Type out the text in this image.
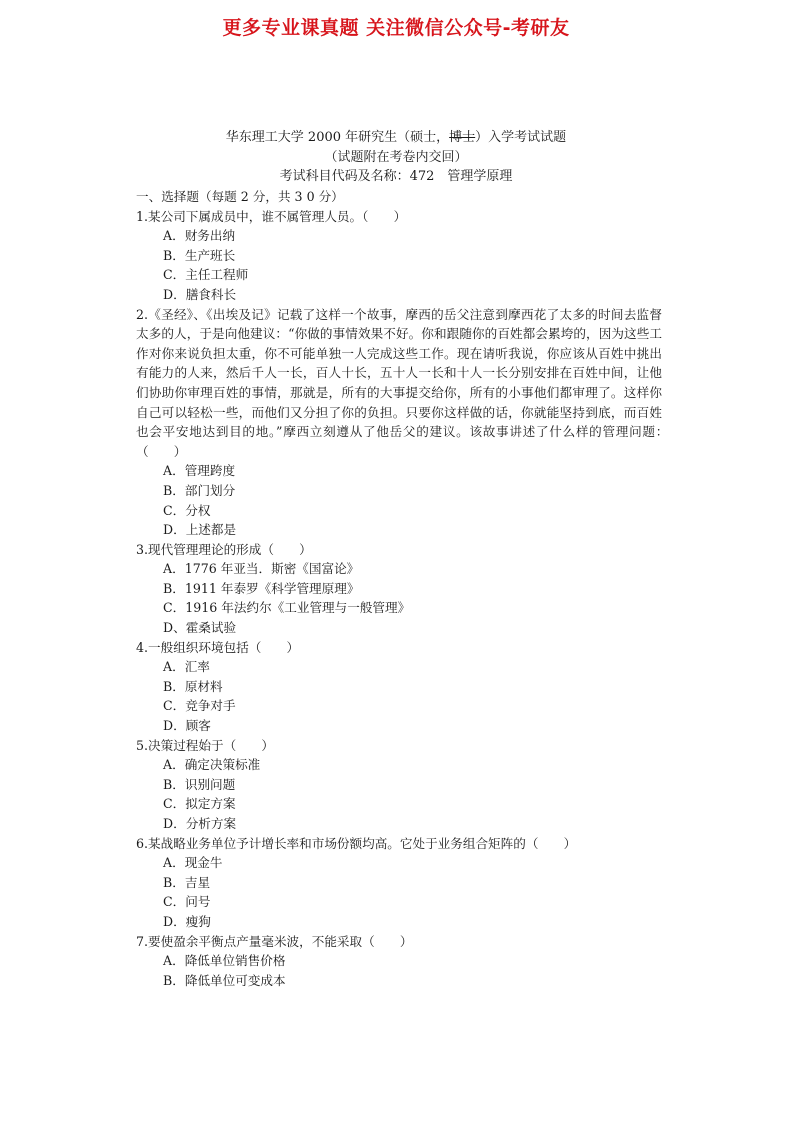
更多专业课真题 关注微信公众号-考研友
华东理工大学 2000 年研究生（硕士，博士）入学考试试题
（试题附在考卷内交回）
考试科目代码及名称：472　管理学原理
一、选择题（每题 2 分，共 3 0 分）
1.某公司下属成员中，谁不属管理人员。（　　）
A．财务出纳
B．生产班长
C．主任工程师
D．膳食科长
2.《圣经》、《出埃及记》记载了这样一个故事，摩西的岳父注意到摩西花了太多的时间去监督太多的人，于是向他建议：“你做的事情效果不好。你和跟随你的百姓都会累垮的，因为这些工作对你来说负担太重，你不可能单独一人完成这些工作。现在请听我说，你应该从百姓中挑出有能力的人来，然后千人一长，百人十长，五十人一长和十人一长分别安排在百姓中间，让他们协助你审理百姓的事情，那就是，所有的大事提交给你，所有的小事他们都审理了。这样你自己可以轻松一些，而他们又分担了你的负担。只要你这样做的话，你就能坚持到底，而百姓也会平安地达到目的地。”摩西立刻遵从了他岳父的建议。该故事讲述了什么样的管理问题：　　（　　）
A．管理跨度
B．部门划分
C．分权
D．上述都是
3.现代管理理论的形成（　　）
A．1776 年亚当．斯密《国富论》
B．1911 年泰罗《科学管理原理》
C．1916 年法约尔《工业管理与一般管理》
D、霍桑试验
4.一般组织环境包括（　　）
A．汇率
B．原材料
C．竞争对手
D．顾客
5.决策过程始于（　　）
A．确定决策标准
B．识别问题
C．拟定方案
D．分析方案
6.某战略业务单位予计增长率和市场份额均高。它处于业务组合矩阵的（　　）
A．现金牛
B．吉星
C．问号
D．瘦狗
7.要使盈余平衡点产量毫米波，不能采取（　　）
A．降低单位销售价格
B．降低单位可变成本
